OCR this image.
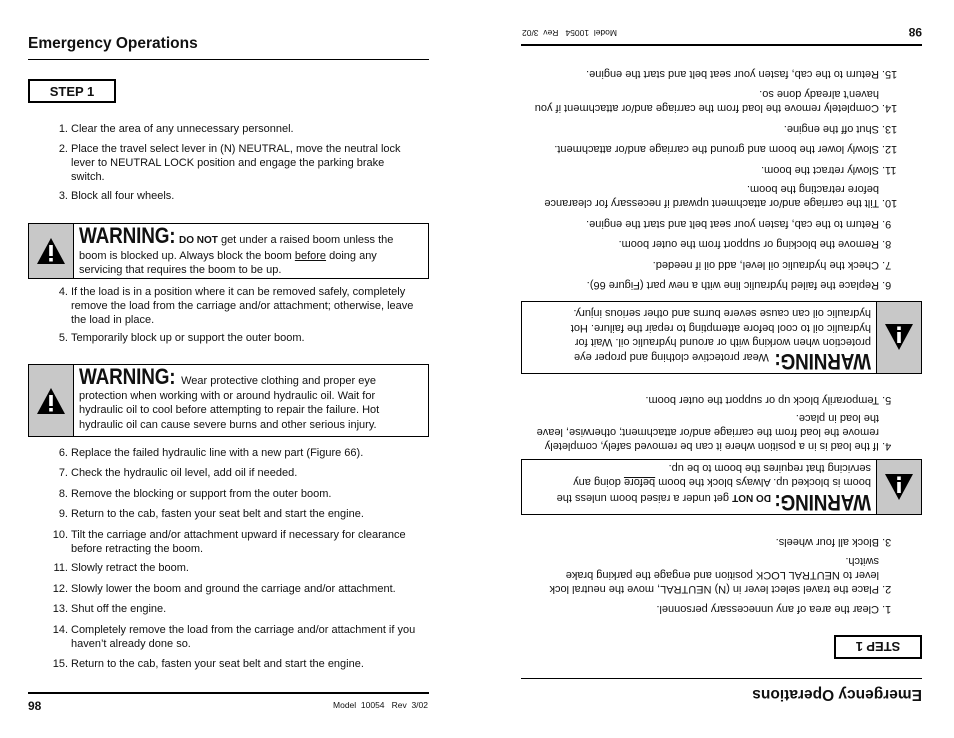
Emergency Operations
STEP 1
1. Clear the area of any unnecessary personnel.
2. Place the travel select lever in (N) NEUTRAL, move the neutral lock lever to NEUTRAL LOCK position and engage the parking brake switch.
3. Block all four wheels.
WARNING: DO NOT get under a raised boom unless the boom is blocked up. Always block the boom before doing any servicing that requires the boom to be up.
4. If the load is in a position where it can be removed safely, completely remove the load from the carriage and/or attachment; otherwise, leave the load in place.
5. Temporarily block up or support the outer boom.
WARNING: Wear protective clothing and proper eye protection when working with or around hydraulic oil. Wait for hydraulic oil to cool before attempting to repair the failure. Hot hydraulic oil can cause severe burns and other serious injury.
6. Replace the failed hydraulic line with a new part (Figure 66).
7. Check the hydraulic oil level, add oil if needed.
8. Remove the blocking or support from the outer boom.
9. Return to the cab, fasten your seat belt and start the engine.
10. Tilt the carriage and/or attachment upward if necessary for clearance before retracting the boom.
11. Slowly retract the boom.
12. Slowly lower the boom and ground the carriage and/or attachment.
13. Shut off the engine.
14. Completely remove the load from the carriage and/or attachment if you haven’t already done so.
15. Return to the cab, fasten your seat belt and start the engine.
98	Model  10054   Rev  3/02
Emergency Operations
STEP 1
1.
Clear the area of any unnecessary personnel.
2.
Place the travel select lever in (N) NEUTRAL, move the neutral lock lever to NEUTRAL LOCK position and engage the parking brake switch.
3.
Block all four wheels.
WARNING:DO NOT get under a raised boom unless the boom is blocked up. Always block the boom before doing any servicing that requires the boom to be up.
4.
If the load is in a position where it can be removed safely, completely remove the load from the carriage and/or attachment; otherwise, leave the load in place.
5.
Temporarily block up or support the outer boom.
WARNING:  Wear protective clothing and proper eye protection when working with or around hydraulic oil. Wait for hydraulic oil to cool before attempting to repair the failure. Hot hydraulic oil can cause severe burns and other serious injury.
6.
Replace the failed hydraulic line with a new part (Figure 66).
7.
Check the hydraulic oil level, add oil if needed.
8.
Remove the blocking or support from the outer boom.
9.
Return to the cab, fasten your seat belt and start the engine.
10.
Tilt the carriage and/or attachment upward if necessary for clearance before retracting the boom.
11.
Slowly retract the boom.
12.
Slowly lower the boom and ground the carriage and/or attachment.
13.
Shut off the engine.
14.
Completely remove the load from the carriage and/or attachment if you haven’t already done so.
15.
Return to the cab, fasten your seat belt and start the engine.
98
Model  10054   Rev  3/02
